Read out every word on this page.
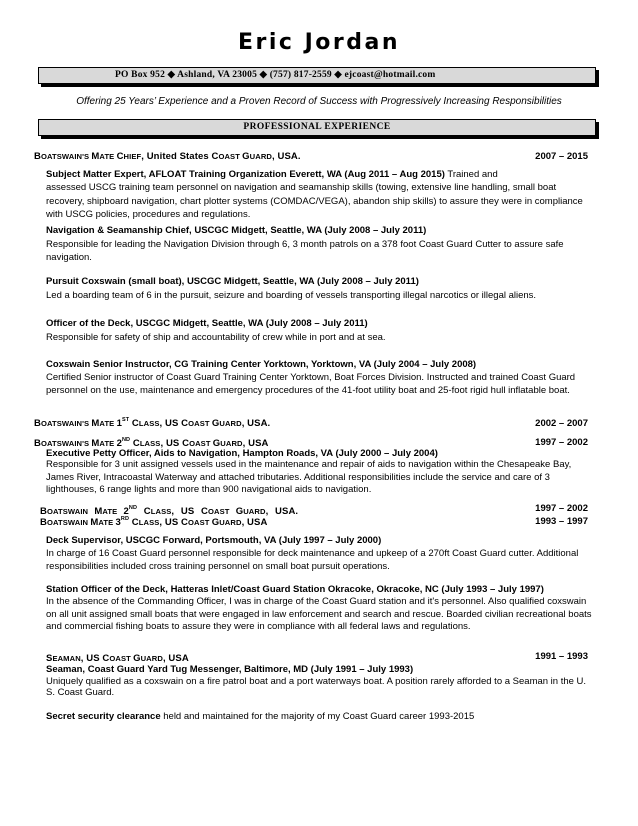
Eric Jordan
PO Box 952 ◆ Ashland, VA 23005 ◆ (757) 817-2559 ◆ ejcoast@hotmail.com
Offering 25 Years’ Experience and a Proven Record of Success with Progressively Increasing Responsibilities
PROFESSIONAL EXPERIENCE
BOATSWAIN'S MATE CHIEF, United States COAST GUARD, USA.	2007 – 2015
Subject Matter Expert, AFLOAT Training Organization Everett, WA (Aug 2011 – Aug 2015) Trained and
assessed USCG training team personnel on navigation and seamanship skills (towing, extensive line handling, small boat recovery, shipboard navigation, chart plotter systems (COMDAC/VEGA), abandon ship skills) to assure they were in compliance with USCG policies, procedures and regulations.
Navigation & Seamanship Chief, USCGC Midgett, Seattle, WA (July 2008 – July 2011)
Responsible for leading the Navigation Division through 6, 3 month patrols on a 378 foot Coast Guard Cutter to assure safe navigation.
Pursuit Coxswain (small boat), USCGC Midgett, Seattle, WA (July 2008 – July 2011)
Led a boarding team of 6 in the pursuit, seizure and boarding of vessels transporting illegal narcotics or illegal aliens.
Officer of the Deck, USCGC Midgett, Seattle, WA (July 2008 – July 2011)
Responsible for safety of ship and accountability of crew while in port and at sea.
Coxswain Senior Instructor, CG Training Center Yorktown, Yorktown, VA (July 2004 – July 2008)
Certified Senior instructor of Coast Guard Training Center Yorktown, Boat Forces Division. Instructed and trained Coast Guard personnel on the use, maintenance and emergency procedures of the 41-foot utility boat and 25-foot rigid hull inflatable boat.
BOATSWAIN'S MATE 1ST CLASS, US COAST GUARD, USA.	2002 – 2007
BOATSWAIN'S MATE 2ND CLASS, US COAST GUARD, USA	1997 – 2002
Executive Petty Officer, Aids to Navigation, Hampton Roads, VA (July 2000 – July 2004)
Responsible for 3 unit assigned vessels used in the maintenance and repair of aids to navigation within the Chesapeake Bay, James River, Intracoastal Waterway and attached tributaries. Additional responsibilities include the service and care of 3 lighthouses, 6 range lights and more than 900 navigational aids to navigation.
BOATSWAIN MATE 2ND CLASS, US COAST GUARD, USA.	1997 – 2002
BOATSWAIN MATE 3RD CLASS, US COAST GUARD, USA	1993 – 1997
Deck Supervisor, USCGC Forward, Portsmouth, VA (July 1997 – July 2000)
In charge of 16 Coast Guard personnel responsible for deck maintenance and upkeep of a 270ft Coast Guard cutter. Additional responsibilities included cross training personnel on small boat pursuit operations.
Station Officer of the Deck, Hatteras Inlet/Coast Guard Station Okracoke, Okracoke, NC (July 1993 – July 1997)
In the absence of the Commanding Officer, I was in charge of the Coast Guard station and it's personnel. Also qualified coxswain on all unit assigned small boats that were engaged in law enforcement and search and rescue. Boarded civilian recreational boats and commercial fishing boats to assure they were in compliance with all federal laws and regulations.
SEAMAN, US COAST GUARD, USA	1991 – 1993
Seaman, Coast Guard Yard Tug Messenger, Baltimore, MD (July 1991 – July 1993)
Uniquely qualified as a coxswain on a fire patrol boat and a port waterways boat. A position rarely afforded to a Seaman in the U. S. Coast Guard.
Secret security clearance held and maintained for the majority of my Coast Guard career 1993-2015
